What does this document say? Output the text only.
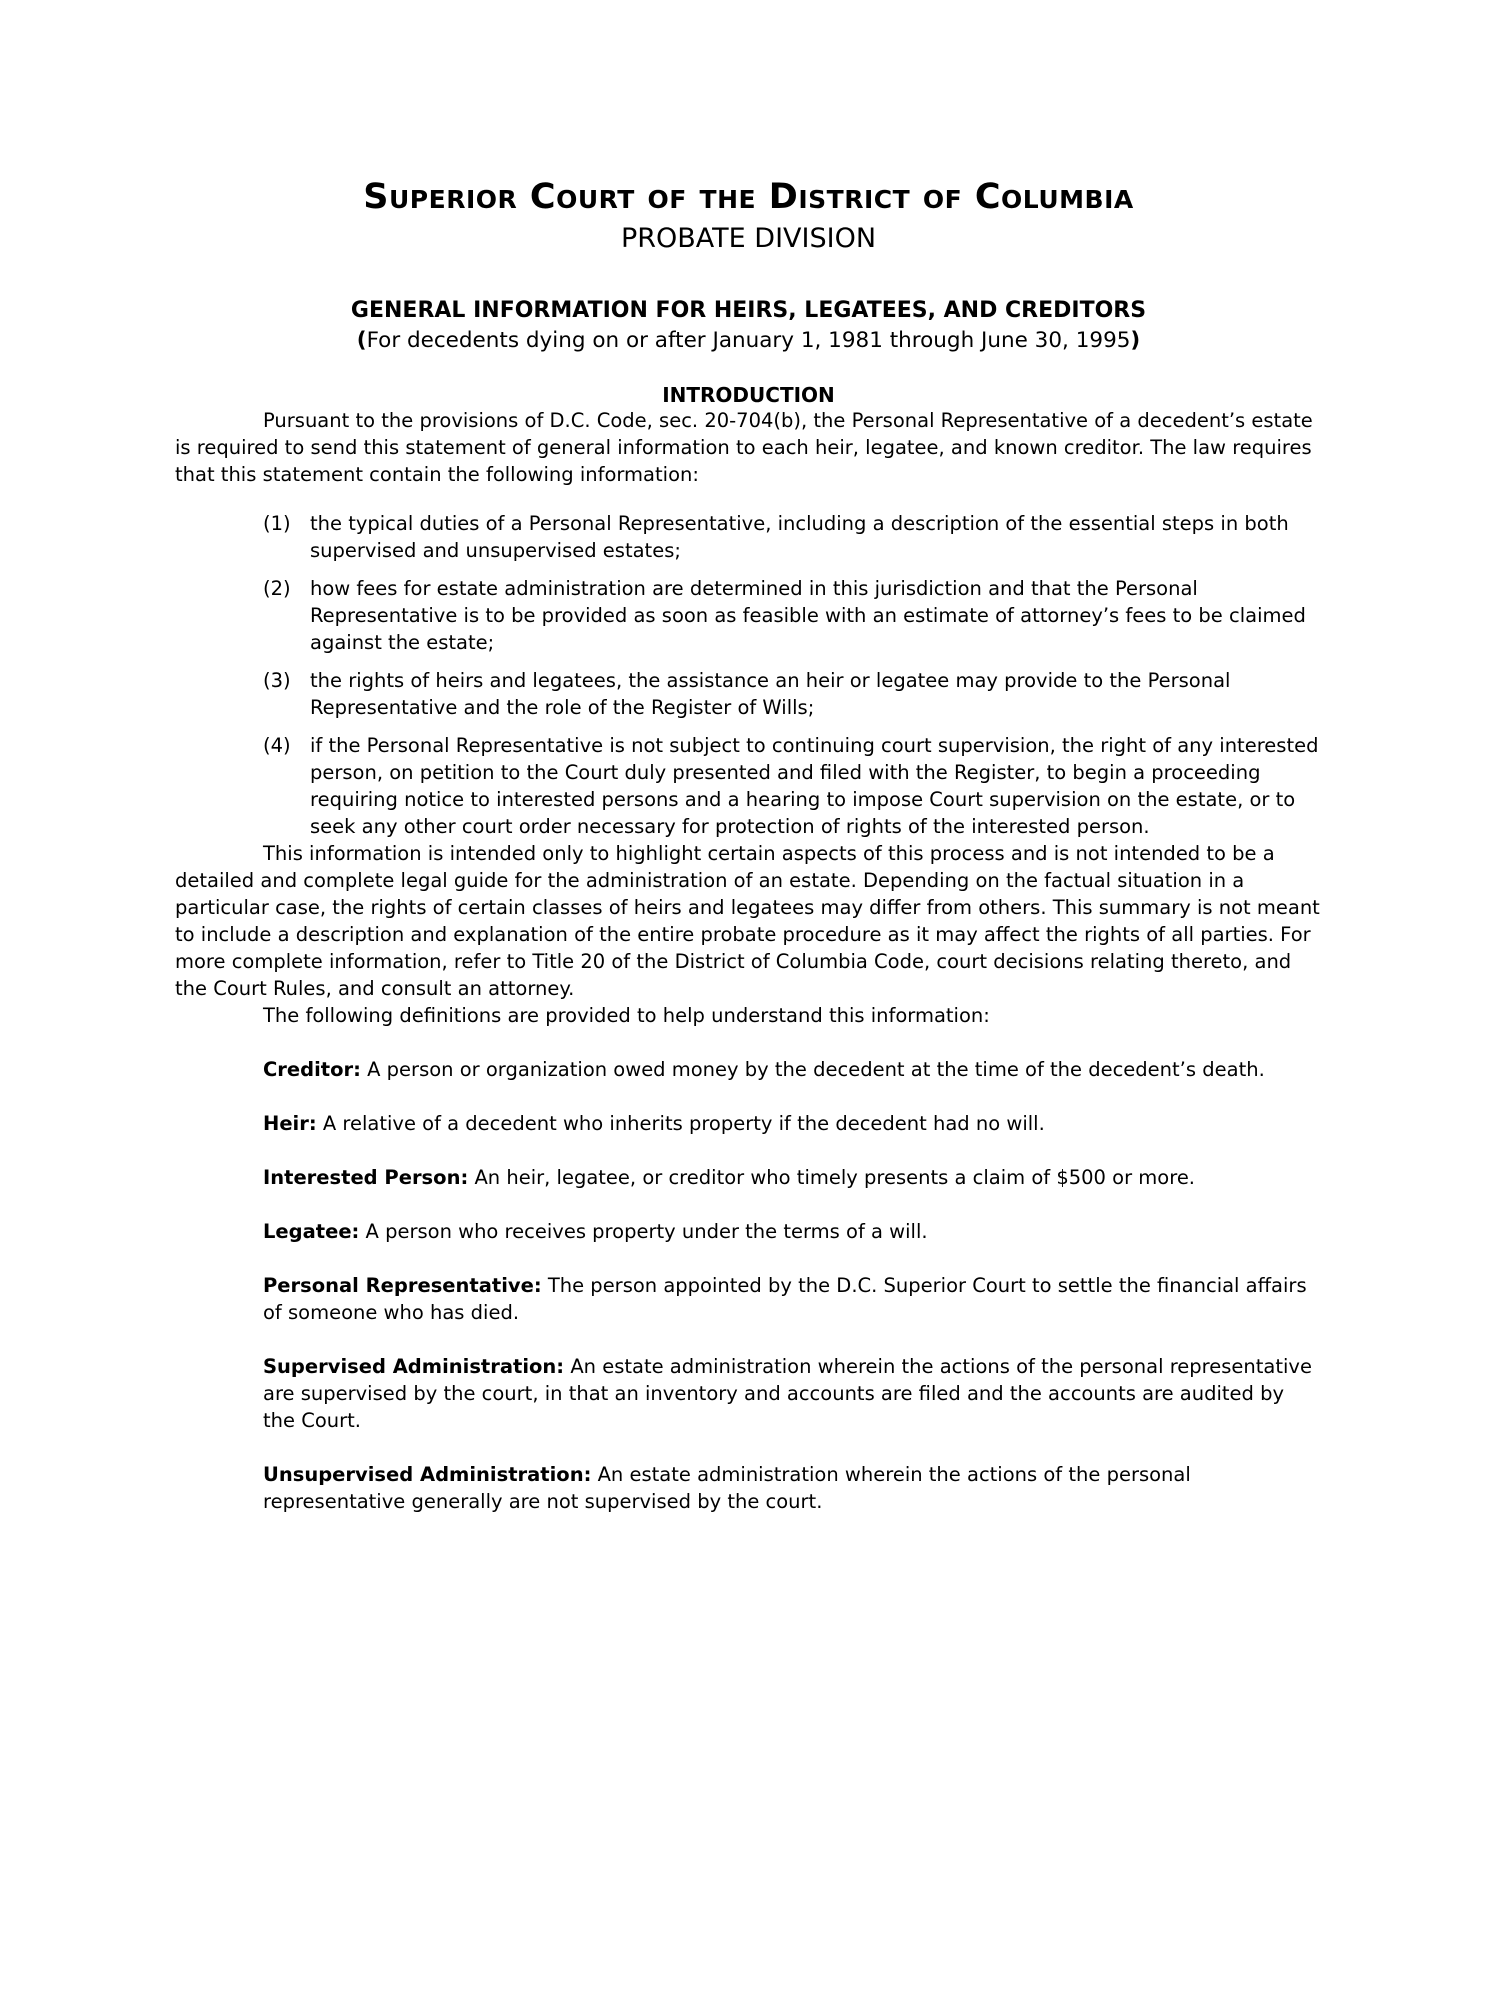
Superior Court of the District of Columbia
PROBATE DIVISION
GENERAL INFORMATION FOR HEIRS, LEGATEES, AND CREDITORS
(For decedents dying on or after January 1, 1981 through June 30, 1995)
INTRODUCTION

Pursuant to the provisions of D.C. Code, sec. 20-704(b), the Personal Representative of a decedent’s estate is required to send this statement of general information to each heir, legatee, and known creditor. The law requires that this statement contain the following information:

(1) the typical duties of a Personal Representative, including a description of the essential steps in both supervised and unsupervised estates;
(2) how fees for estate administration are determined in this jurisdiction and that the Personal Representative is to be provided as soon as feasible with an estimate of attorney’s fees to be claimed against the estate;
(3) the rights of heirs and legatees, the assistance an heir or legatee may provide to the Personal Representative and the role of the Register of Wills;
(4) if the Personal Representative is not subject to continuing court supervision, the right of any interested person, on petition to the Court duly presented and filed with the Register, to begin a proceeding requiring notice to interested persons and a hearing to impose Court supervision on the estate, or to seek any other court order necessary for protection of rights of the interested person.

This information is intended only to highlight certain aspects of this process and is not intended to be a detailed and complete legal guide for the administration of an estate. Depending on the factual situation in a particular case, the rights of certain classes of heirs and legatees may differ from others. This summary is not meant to include a description and explanation of the entire probate procedure as it may affect the rights of all parties. For more complete information, refer to Title 20 of the District of Columbia Code, court decisions relating thereto, and the Court Rules, and consult an attorney.

The following definitions are provided to help understand this information:

Creditor: A person or organization owed money by the decedent at the time of the decedent’s death.

Heir: A relative of a decedent who inherits property if the decedent had no will.

Interested Person: An heir, legatee, or creditor who timely presents a claim of $500 or more.

Legatee: A person who receives property under the terms of a will.

Personal Representative: The person appointed by the D.C. Superior Court to settle the financial affairs of someone who has died.

Supervised Administration: An estate administration wherein the actions of the personal representative are supervised by the court, in that an inventory and accounts are filed and the accounts are audited by the Court.

Unsupervised Administration: An estate administration wherein the actions of the personal representative generally are not supervised by the court.
